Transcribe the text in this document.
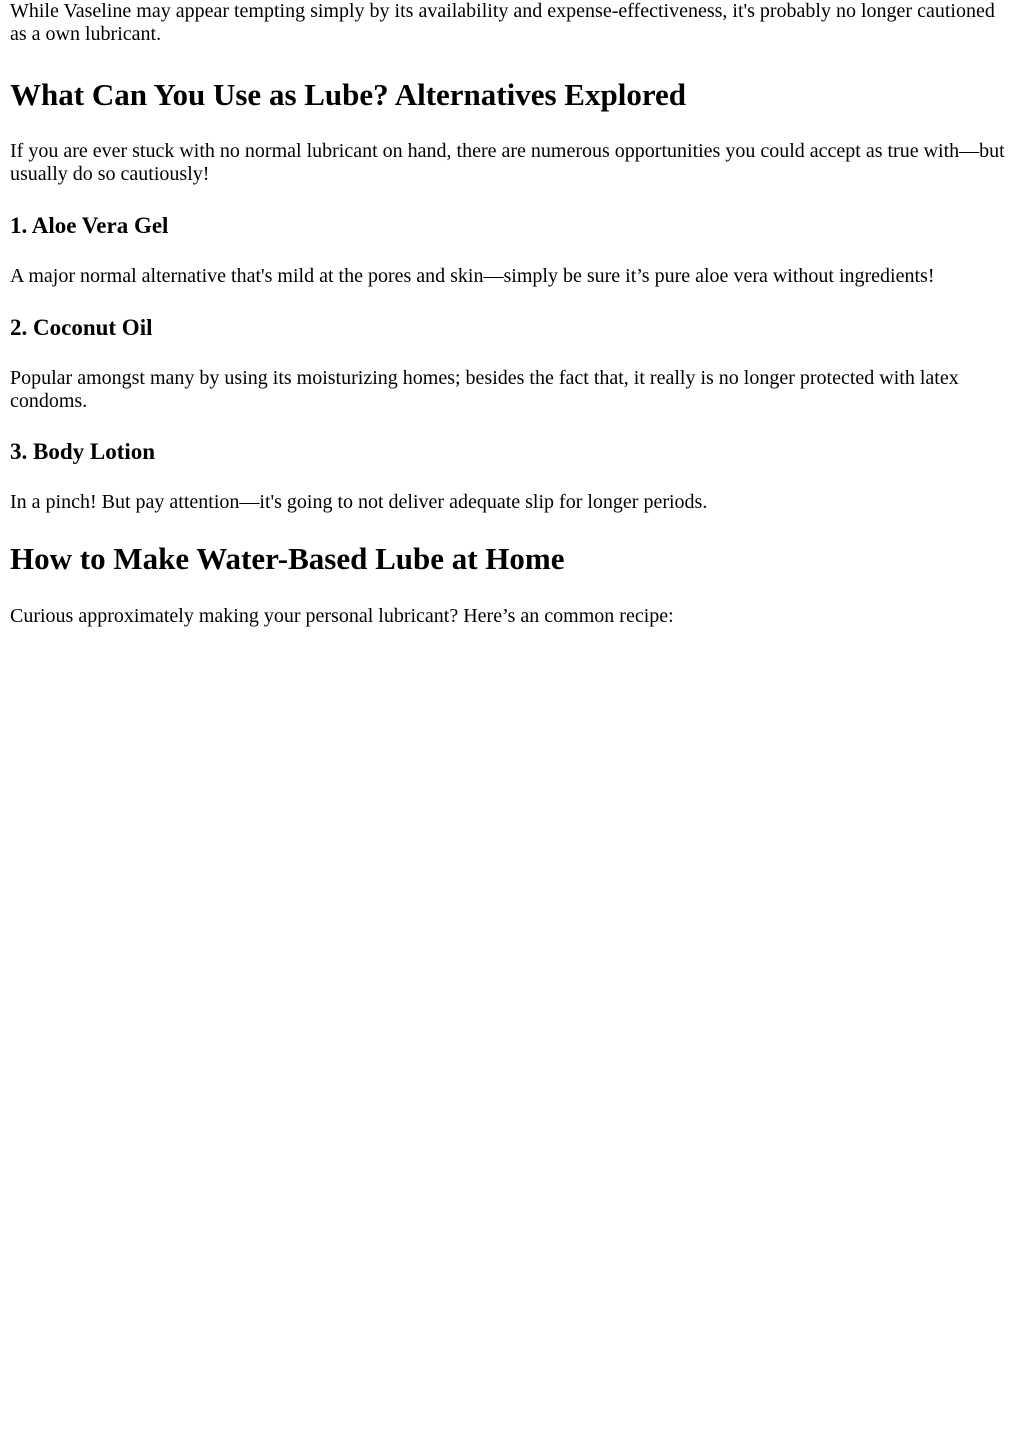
While Vaseline may appear tempting simply by its availability and expense-effectiveness, it's probably no longer cautioned as a own lubricant.

What Can You Use as Lube? Alternatives Explored

If you are ever stuck with no normal lubricant on hand, there are numerous opportunities you could accept as true with—but usually do so cautiously!

1. Aloe Vera Gel

A major normal alternative that's mild at the pores and skin—simply be sure it’s pure aloe vera without ingredients!

2. Coconut Oil

Popular amongst many by using its moisturizing homes; besides the fact that, it really is no longer protected with latex condoms.

3. Body Lotion

In a pinch! But pay attention—it's going to not deliver adequate slip for longer periods.

How to Make Water-Based Lube at Home

Curious approximately making your personal lubricant? Here’s an common recipe:
